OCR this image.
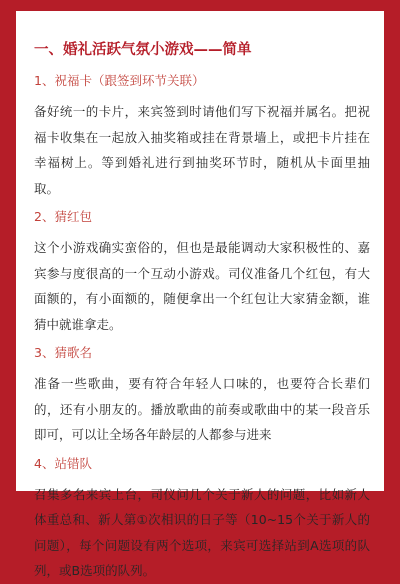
一、婚礼活跃气氛小游戏——简单
1、祝福卡（跟签到环节关联）

备好统一的卡片，来宾签到时请他们写下祝福并属名。把祝福卡收集在一起放入抽奖箱或挂在背景墙上，或把卡片挂在幸福树上。等到婚礼进行到抽奖环节时，随机从卡面里抽取。

2、猜红包

这个小游戏确实蛮俗的，但也是最能调动大家积极性的、嘉宾参与度很高的一个互动小游戏。司仪准备几个红包，有大面额的，有小面额的，随便拿出一个红包让大家猜金额，谁猜中就谁拿走。

3、猜歌名

准备一些歌曲，要有符合年轻人口味的，也要符合长辈们的，还有小朋友的。播放歌曲的前奏或歌曲中的某一段音乐即可，可以让全场各年龄层的人都参与进来

4、站错队

召集多名来宾上台，司仪问几个关于新人的问题，比如新人体重总和、新人第①次相识的日子等（10~15个关于新人的问题），每个问题设有两个选项，来宾可选择站到A选项的队列，或B选项的队列。
